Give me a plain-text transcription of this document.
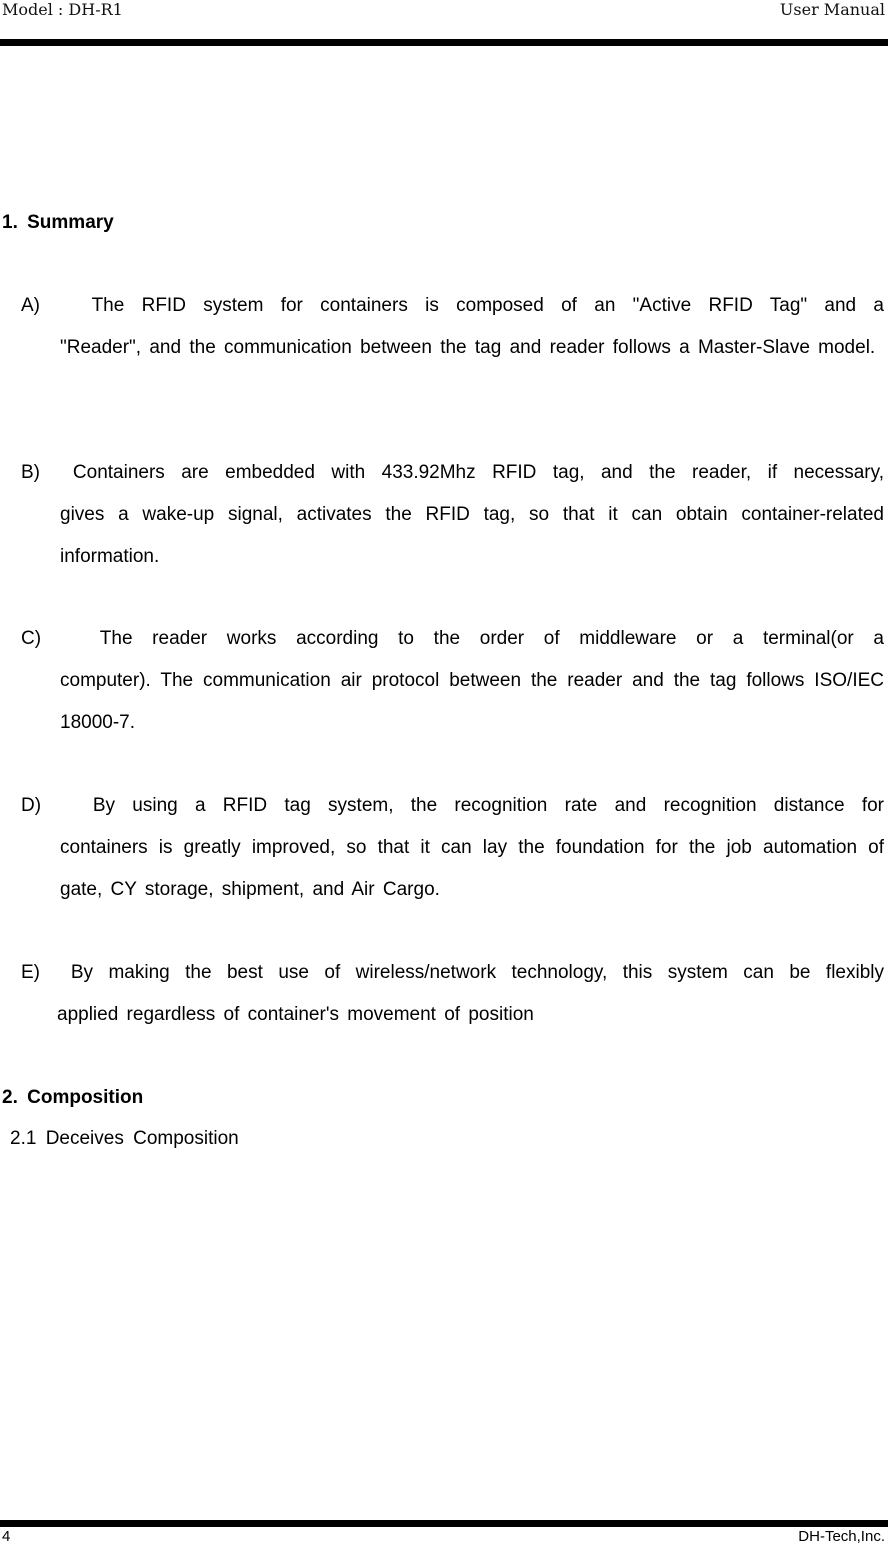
Model : DH-R1	User Manual
1. Summary
A)	The RFID system for containers is composed of an "Active RFID Tag" and a
"Reader", and the communication between the tag and reader follows a Master-Slave model.
B) Containers are embedded with 433.92Mhz RFID tag, and the reader, if necessary,
gives a wake-up signal, activates the RFID tag, so that it can obtain container-related information.
C)	The reader works according to the order of middleware or a terminal(or a
computer). The communication air protocol between the reader and the tag follows ISO/IEC 18000-7.
D)	By using a RFID tag system, the recognition rate and recognition distance for
containers is greatly improved, so that it can lay the foundation for the job automation of gate, CY storage, shipment, and Air Cargo.
E) By making the best use of wireless/network technology, this system can be flexibly
applied regardless of container's movement of position
2. Composition
2.1 Deceives Composition
4	DH-Tech,Inc.
